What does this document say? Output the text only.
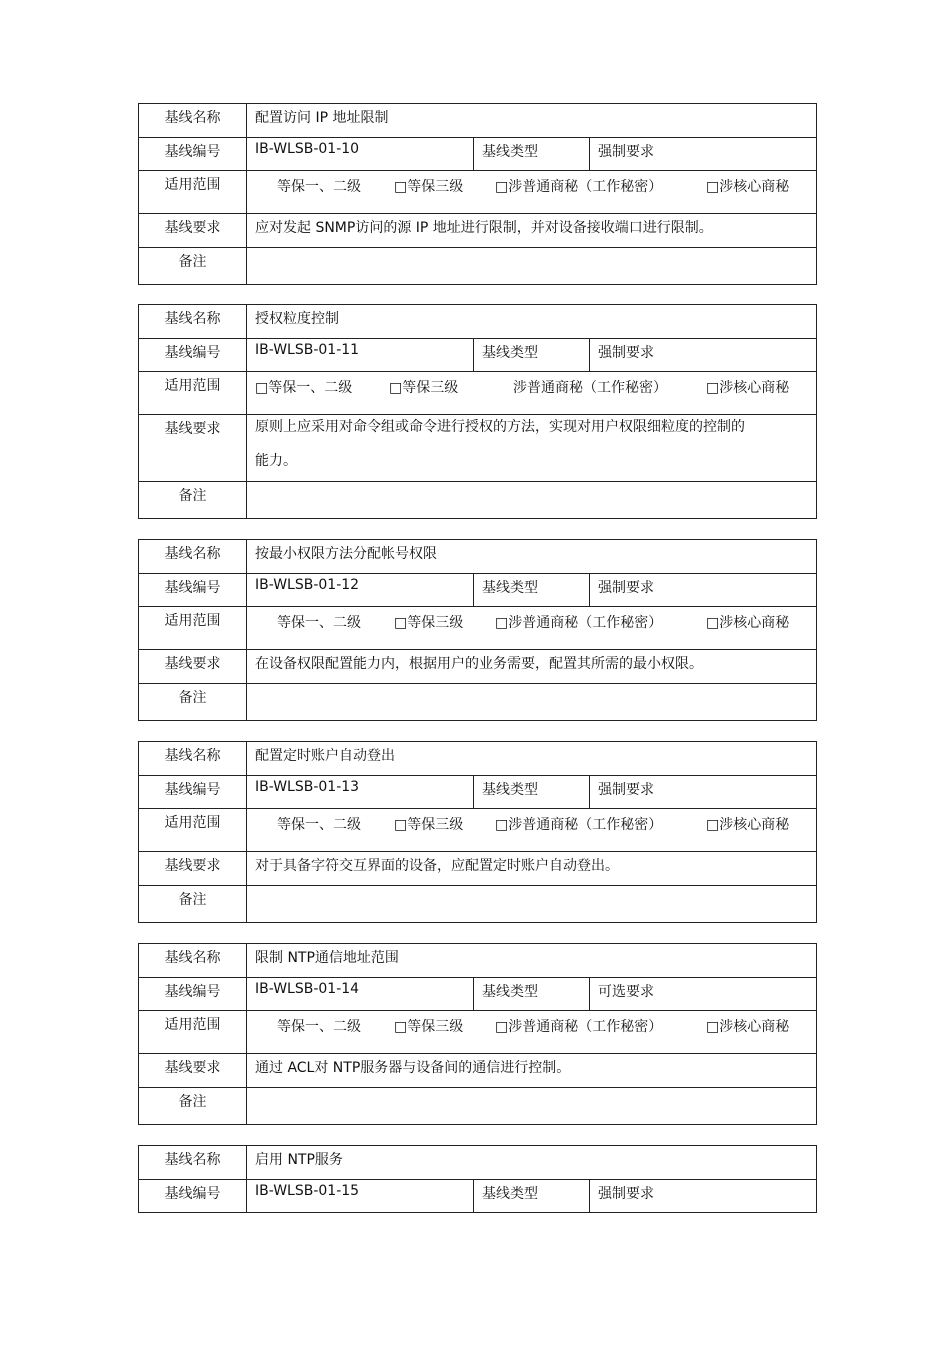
基线名称	配置访问 IP 地址限制		
基线编号	IB-WLSB-01-10	基线类型	强制要求
适用范围	等保一、二级 □等保三级 □涉普通商秘（工作秘密） □涉核心商秘		

基线要求	应对发起 SNMP访问的源 IP 地址进行限制，并对设备接收端口进行限制。		
备注			
基线名称	授权粒度控制		
基线编号	IB-WLSB-01-11	基线类型	强制要求
适用范围	□等保一、二级 □等保三级 涉普通商秘（工作秘密） □涉核心商秘		

基线要求	原则上应采用对命令组或命令进行授权的方法，实现对用户权限细粒度的控制的能力。		

备注			
基线名称	按最小权限方法分配帐号权限		
基线编号	IB-WLSB-01-12	基线类型	强制要求
适用范围	等保一、二级 □等保三级 □涉普通商秘（工作秘密） □涉核心商秘		

基线要求	在设备权限配置能力内，根据用户的业务需要，配置其所需的最小权限。		
备注			
基线名称	配置定时账户自动登出		
基线编号	IB-WLSB-01-13	基线类型	强制要求
适用范围	等保一、二级 □等保三级 □涉普通商秘（工作秘密） □涉核心商秘		

基线要求	对于具备字符交互界面的设备，应配置定时账户自动登出。		
备注			
基线名称	限制 NTP通信地址范围		
基线编号	IB-WLSB-01-14	基线类型	可选要求
适用范围	等保一、二级 □等保三级 □涉普通商秘（工作秘密） □涉核心商秘		

基线要求	通过 ACL对 NTP服务器与设备间的通信进行控制。		
备注			
基线名称	启用 NTP服务		
基线编号	IB-WLSB-01-15	基线类型	强制要求
